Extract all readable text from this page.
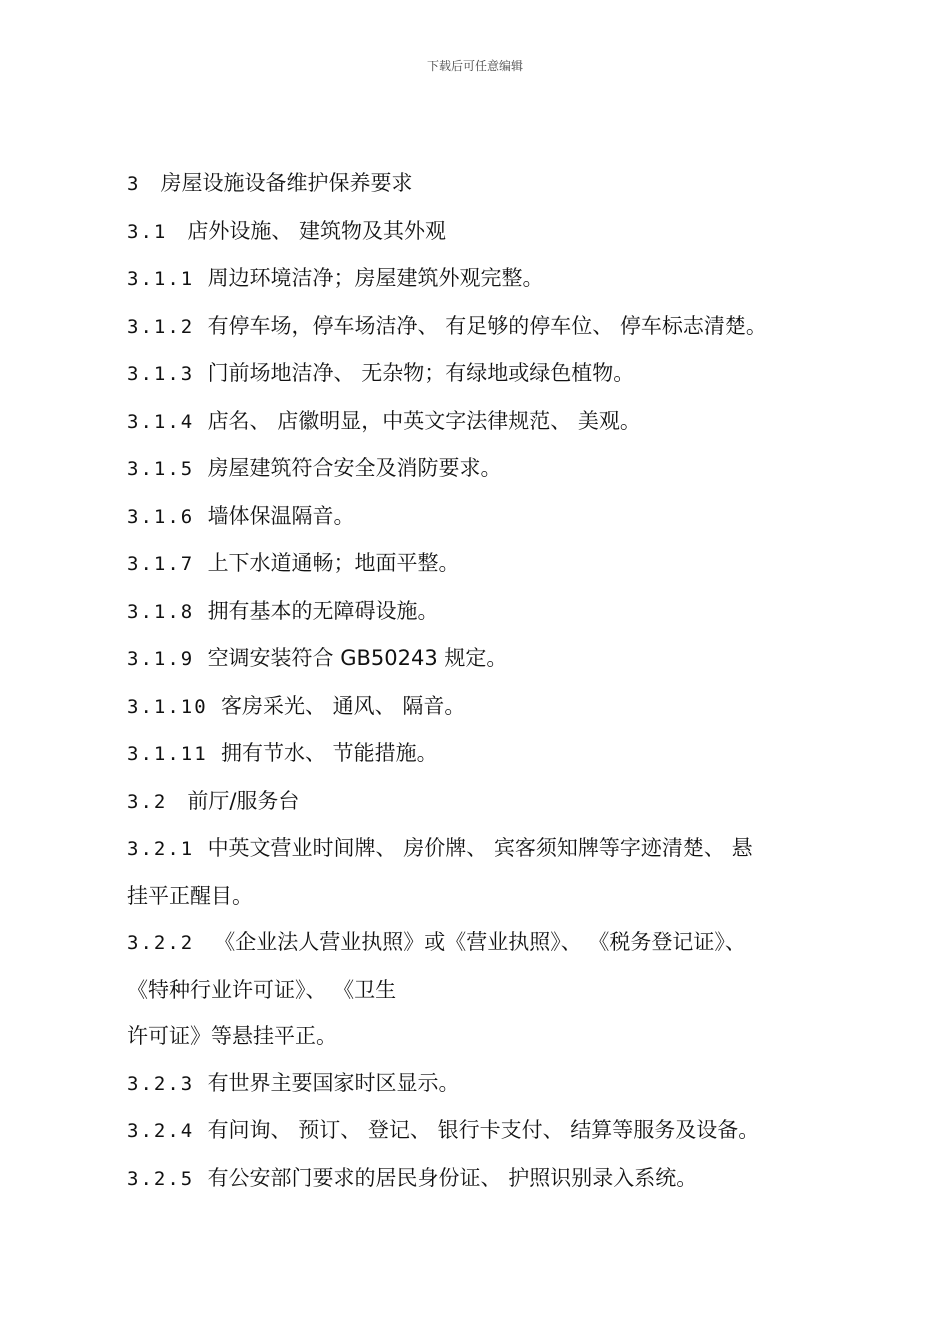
下载后可任意编辑
3 房屋设施设备维护保养要求
3.1 店外设施、 建筑物及其外观
3.1.1 周边环境洁净；房屋建筑外观完整。
3.1.2 有停车场，停车场洁净、 有足够的停车位、 停车标志清楚。
3.1.3 门前场地洁净、 无杂物；有绿地或绿色植物。
3.1.4 店名、 店徽明显，中英文字法律规范、 美观。
3.1.5 房屋建筑符合安全及消防要求。
3.1.6 墙体保温隔音。
3.1.7 上下水道通畅；地面平整。
3.1.8 拥有基本的无障碍设施。
3.1.9 空调安装符合 GB50243 规定。
3.1.10 客房采光、 通风、 隔音。
3.1.11 拥有节水、 节能措施。
3.2 前厅/服务台
3.2.1 中英文营业时间牌、 房价牌、 宾客须知牌等字迹清楚、 悬
挂平正醒目。
3.2.2 《企业法人营业执照》或《营业执照》、 《税务登记证》、
《特种行业许可证》、 《卫生
许可证》等悬挂平正。
3.2.3 有世界主要国家时区显示。
3.2.4 有问询、 预订、 登记、 银行卡支付、 结算等服务及设备。
3.2.5 有公安部门要求的居民身份证、 护照识别录入系统。
